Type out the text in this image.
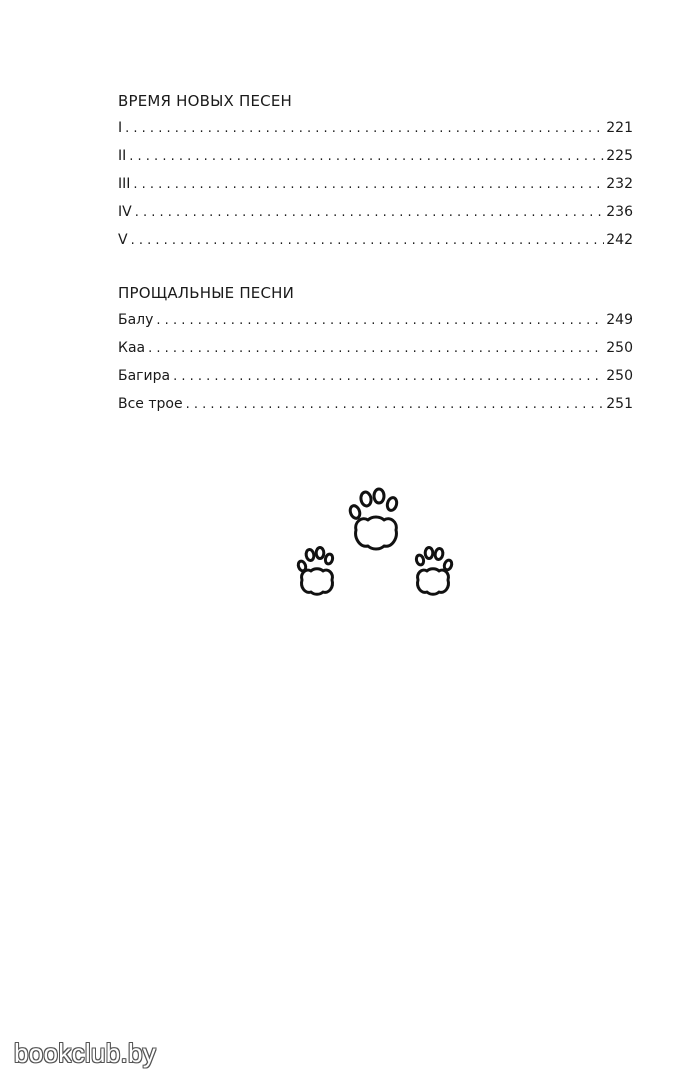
ВРЕМЯ НОВЫХ ПЕСЕН
I . . .	221
II . . .	225
III . . .	232
IV . . .	236
V . . .	242
ПРОЩАЛЬНЫЕ ПЕСНИ
Балу . . .	249
Каа . . .	250
Багира . . .	250
Все трое . . .	251
bookclub.by
